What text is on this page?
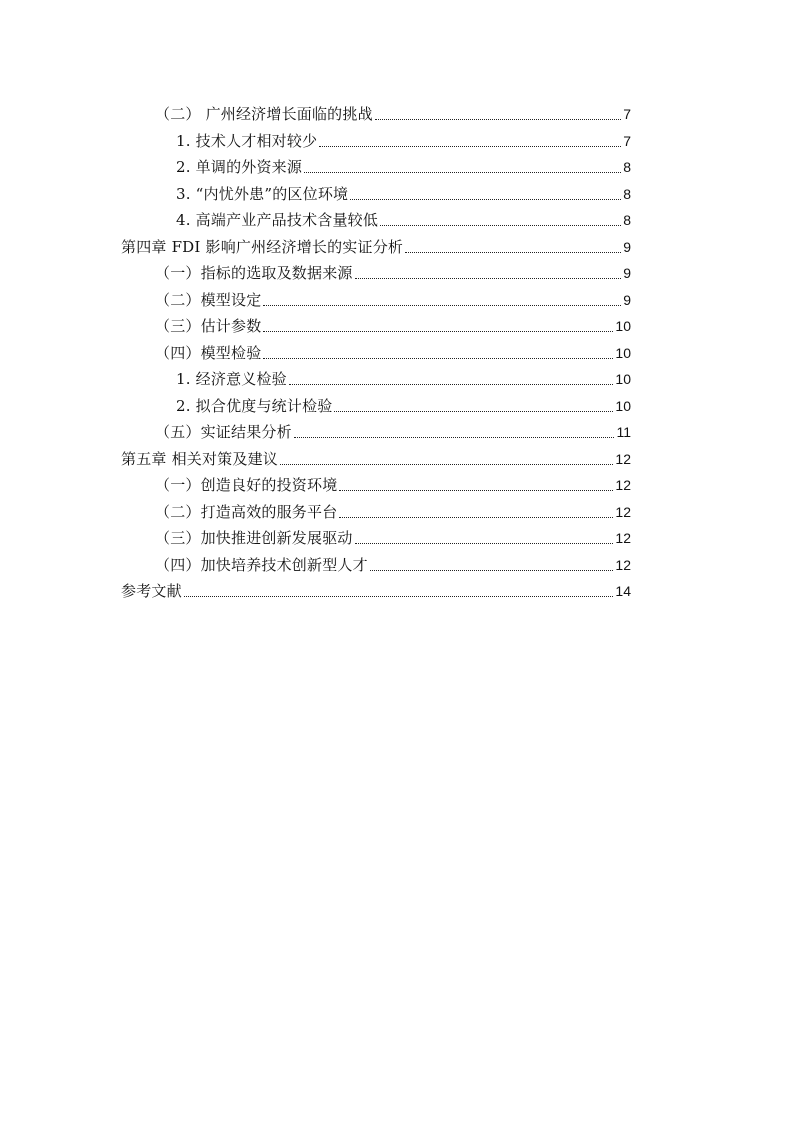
（二） 广州经济增长面临的挑战	7
1. 技术人才相对较少	7
2. 单调的外资来源	8
3. “内忧外患”的区位环境	8
4. 高端产业产品技术含量较低	8
第四章 FDI 影响广州经济增长的实证分析	9
（一）指标的选取及数据来源	9
（二）模型设定	9
（三）估计参数	10
（四）模型检验	10
1. 经济意义检验	10
2. 拟合优度与统计检验	10
（五）实证结果分析	11
第五章 相关对策及建议	12
（一）创造良好的投资环境	12
（二）打造高效的服务平台	12
（三）加快推进创新发展驱动	12
（四）加快培养技术创新型人才	12
参考文献	14
